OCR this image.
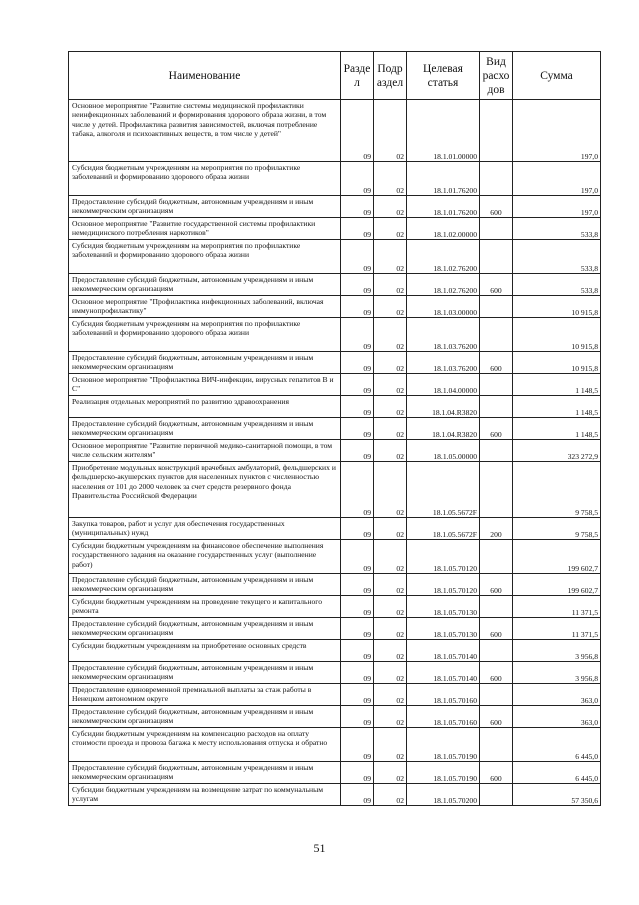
Наименование	Разде л	Подр аздел	Целевая статья	Вид расхо дов	Сумма
Основное мероприятие "Развитие системы медицинской профилактики неинфекционных заболеваний и формирования здорового образа жизни, в том числе у детей. Профилактика развития зависимостей, включая потребление табака, алкоголя и психоактивных веществ, в том числе у детей"	09	02	18.1.01.00000		197,0
Субсидия бюджетным учреждениям на мероприятия по профилактике заболеваний и формированию здорового образа жизни	09	02	18.1.01.76200		197,0
Предоставление субсидий бюджетным, автономным учреждениям и иным некоммерческим организациям	09	02	18.1.01.76200	600	197,0
Основное мероприятие "Развитие государственной системы профилактики немедицинского потребления наркотиков"	09	02	18.1.02.00000		533,8
Субсидия бюджетным учреждениям на мероприятия по профилактике заболеваний и формированию здорового образа жизни	09	02	18.1.02.76200		533,8
Предоставление субсидий бюджетным, автономным учреждениям и иным некоммерческим организациям	09	02	18.1.02.76200	600	533,8
Основное мероприятие "Профилактика инфекционных заболеваний, включая иммунопрофилактику"	09	02	18.1.03.00000		10 915,8
Субсидия бюджетным учреждениям на мероприятия по профилактике заболеваний и формированию здорового образа жизни	09	02	18.1.03.76200		10 915,8
Предоставление субсидий бюджетным, автономным учреждениям и иным некоммерческим организациям	09	02	18.1.03.76200	600	10 915,8
Основное мероприятие "Профилактика ВИЧ-инфекции, вирусных гепатитов В и С"	09	02	18.1.04.00000		1 148,5
Реализация отдельных мероприятий по развитию здравоохранения	09	02	18.1.04.R3820		1 148,5
Предоставление субсидий бюджетным, автономным учреждениям и иным некоммерческим организациям	09	02	18.1.04.R3820	600	1 148,5
Основное мероприятие "Развитие первичной медико-санитарной помощи, в том числе сельским жителям"	09	02	18.1.05.00000		323 272,9
Приобретение модульных конструкций врачебных амбулаторий, фельдшерских и фельдшерско-акушерских пунктов для населенных пунктов с численностью населения от 101 до 2000 человек за счет средств резервного фонда Правительства Российской Федерации	09	02	18.1.05.5672F		9 758,5
Закупка товаров, работ и услуг для обеспечения государственных (муниципальных) нужд	09	02	18.1.05.5672F	200	9 758,5
Субсидии бюджетным учреждениям на финансовое обеспечение выполнения государственного задания на оказание государственных услуг (выполнение работ)	09	02	18.1.05.70120		199 602,7
Предоставление субсидий бюджетным, автономным учреждениям и иным некоммерческим организациям	09	02	18.1.05.70120	600	199 602,7
Субсидии бюджетным учреждениям на проведение текущего и капитального ремонта	09	02	18.1.05.70130		11 371,5
Предоставление субсидий бюджетным, автономным учреждениям и иным некоммерческим организациям	09	02	18.1.05.70130	600	11 371,5
Субсидии бюджетным учреждениям на приобретение основных средств	09	02	18.1.05.70140		3 956,8
Предоставление субсидий бюджетным, автономным учреждениям и иным некоммерческим организациям	09	02	18.1.05.70140	600	3 956,8
Предоставление единовременной премиальной выплаты за стаж работы в Ненецком автономном округе	09	02	18.1.05.70160		363,0
Предоставление субсидий бюджетным, автономным учреждениям и иным некоммерческим организациям	09	02	18.1.05.70160	600	363,0
Субсидии бюджетным учреждениям на компенсацию расходов на оплату стоимости проезда и провоза багажа к месту использования отпуска и обратно	09	02	18.1.05.70190		6 445,0
Предоставление субсидий бюджетным, автономным учреждениям и иным некоммерческим организациям	09	02	18.1.05.70190	600	6 445,0
Субсидии бюджетным учреждениям на возмещение затрат по коммунальным услугам	09	02	18.1.05.70200		57 350,6
51
